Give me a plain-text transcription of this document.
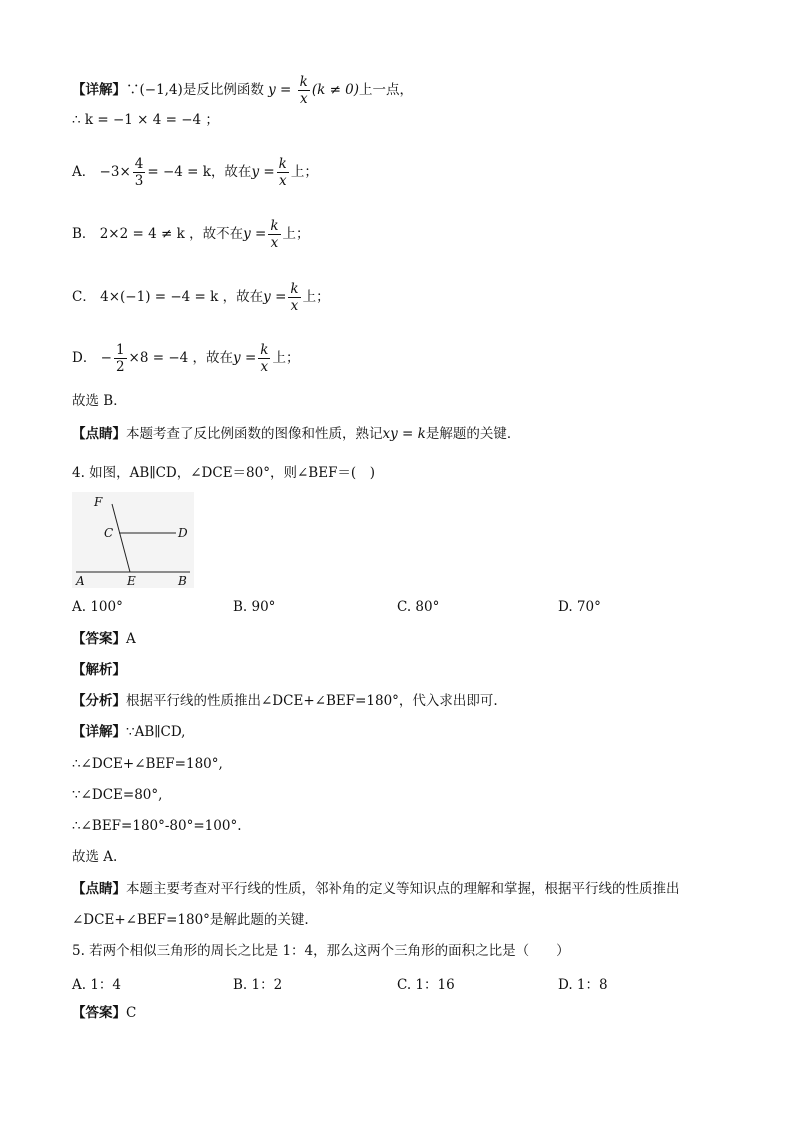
【详解】∵(−1,4)是反比例函数 $y = \frac{k}{x} (k \ne 0)$上一点，
∴ k = −1 × 4 = −4 ；
A． $-3\times \frac{4}{3} = -4 = k$，故在$y = \frac{k}{x}$ 上；
B． 2×2 = 4 ≠ k ，故不在$y = \frac{k}{x}$ 上；
C． 4×(−1) = −4 = k ，故在$y = \frac{k}{x}$ 上；
D． − $\frac{1}{2} \times 8 = -4$ ，故在$y = \frac{k}{x}$ 上；
故选 B．
【点睛】本题考查了反比例函数的图像和性质，熟记xy = k是解题的关键．
4. 如图，AB∥CD，∠DCE＝80°，则∠BEF＝(　)
F
C	D
A	E	B
A. 100°	B. 90°	C. 80°	D. 70°
【答案】A
【解析】
【分析】根据平行线的性质推出∠DCE+∠BEF=180°，代入求出即可.
【详解】∵AB∥CD,
∴∠DCE+∠BEF=180°,
∵∠DCE=80°,
∴∠BEF=180°-80°=100°.
故选 A.
【点睛】本题主要考查对平行线的性质，邻补角的定义等知识点的理解和掌握，根据平行线的性质推出
∠DCE+∠BEF=180°是解此题的关键.
5. 若两个相似三角形的周长之比是 1：4，那么这两个三角形的面积之比是（　　）
A. 1：4	B. 1：2	C. 1：16	D. 1：8
【答案】C
